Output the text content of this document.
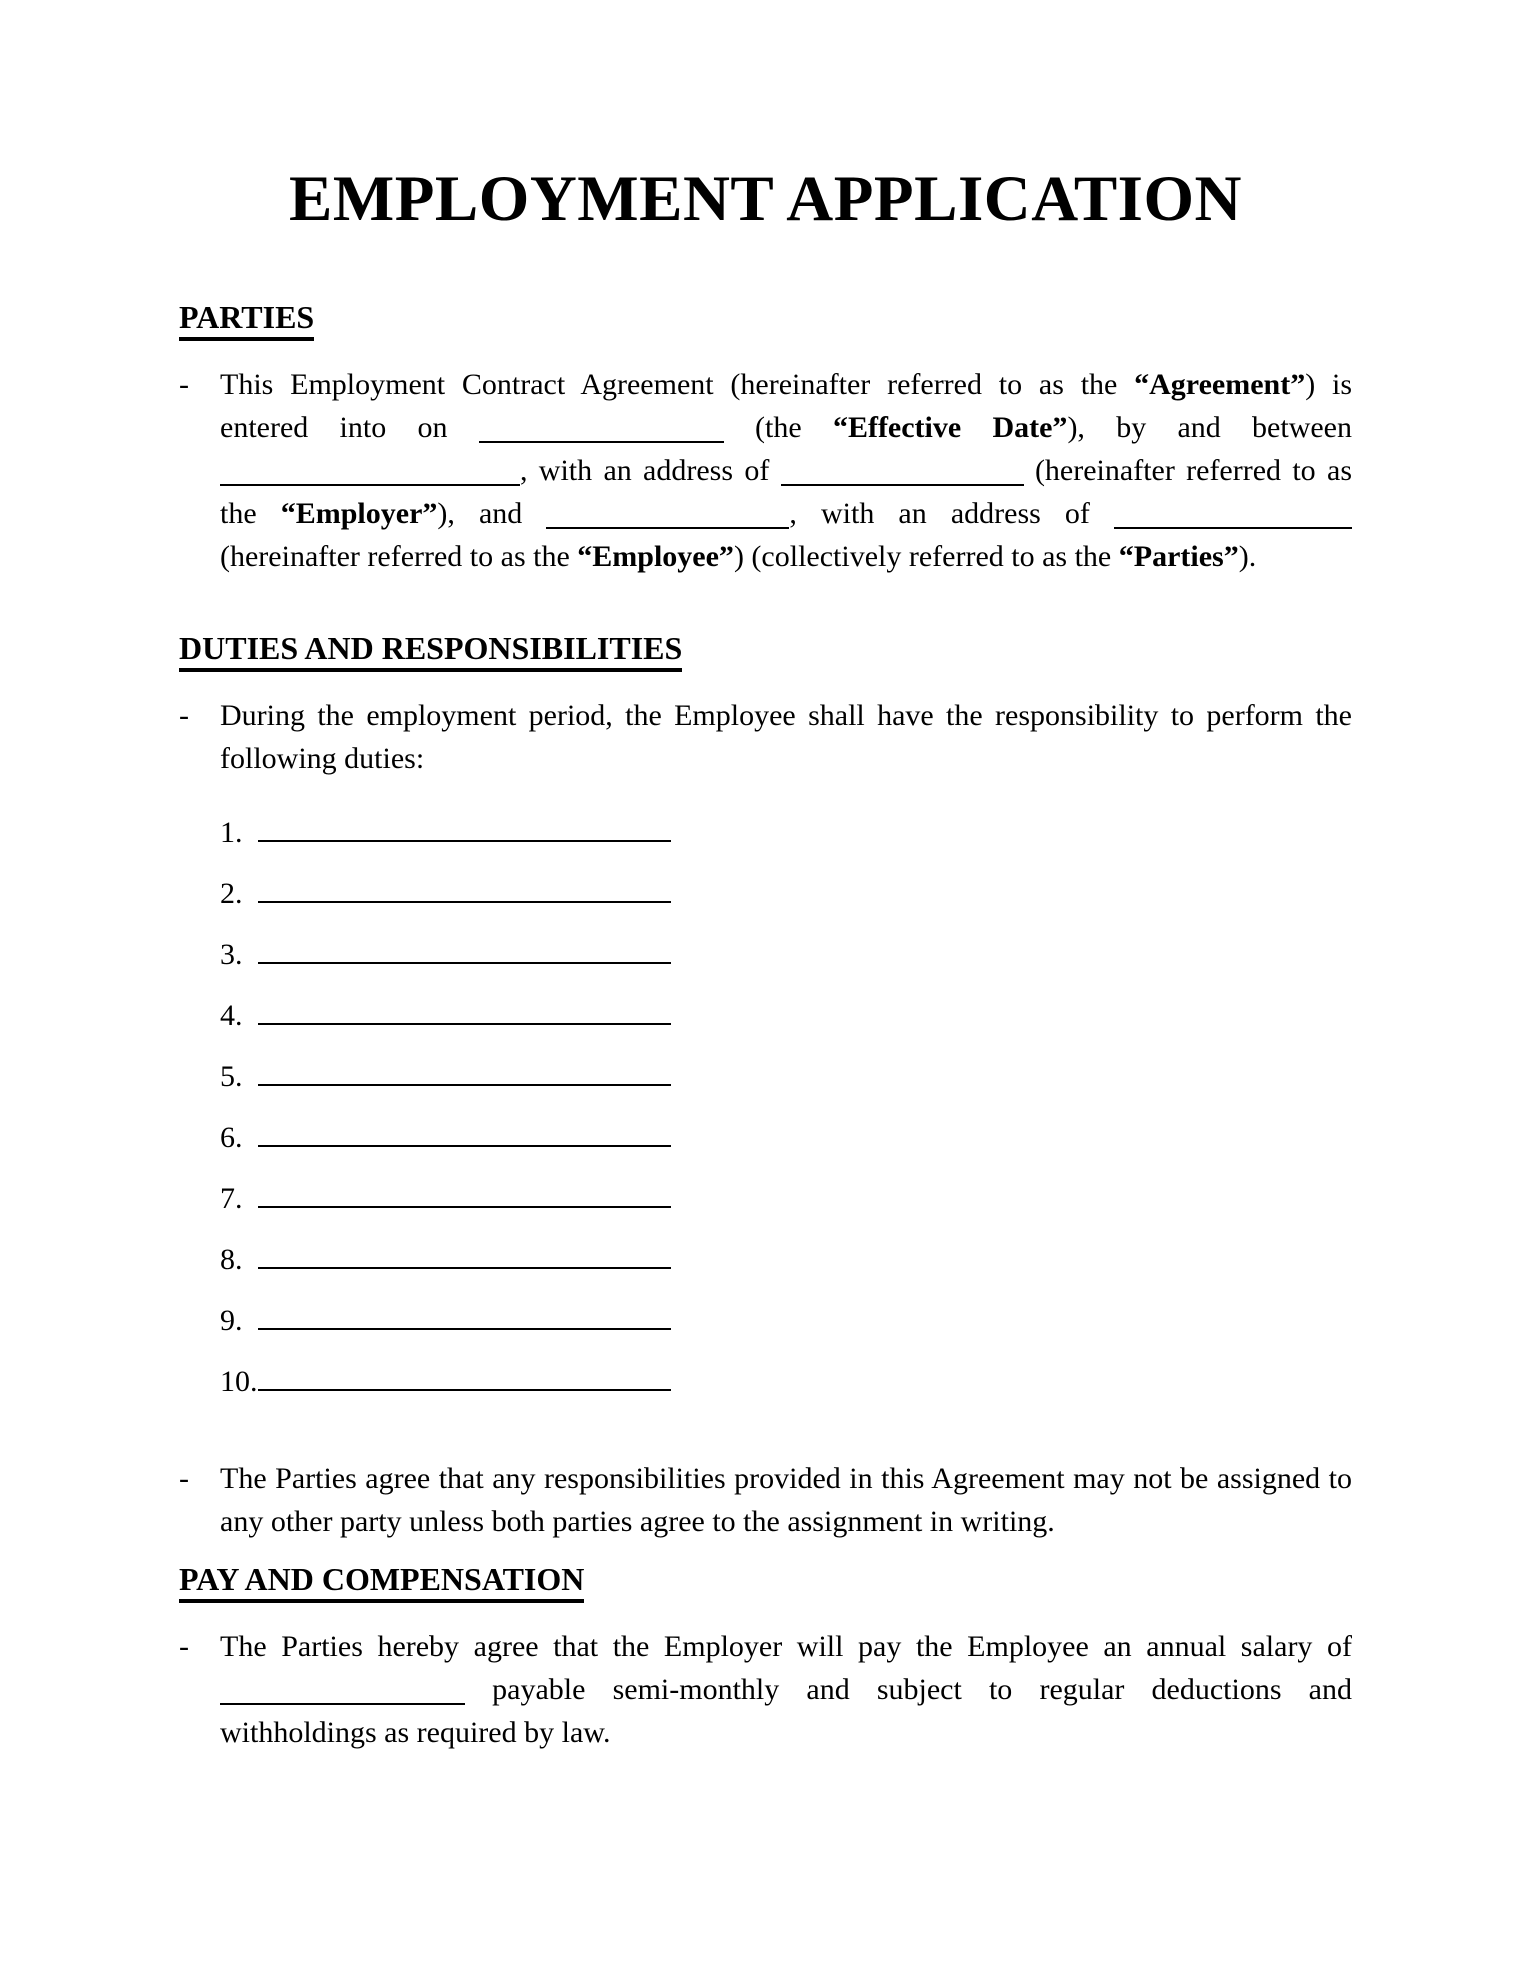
EMPLOYMENT APPLICATION
PARTIES
-	This Employment Contract Agreement (hereinafter referred to as the “Agreement”) is entered into on	(the “Effective Date”), by and between , with an address of	(hereinafter referred to as the “Employer”), and	, with an address of  (hereinafter referred to as the “Employee”) (collectively referred to as the “Parties”).
DUTIES AND RESPONSIBILITIES
-	During the employment period, the Employee shall have the responsibility to perform the following duties:
1.
2.
3.
4.
5.
6.
7.
8.
9.
10.
-	The Parties agree that any responsibilities provided in this Agreement may not be assigned to any other party unless both parties agree to the assignment in writing.
PAY AND COMPENSATION
-	The Parties hereby agree that the Employer will pay the Employee an annual salary of  payable semi-monthly and subject to regular deductions and withholdings as required by law.
